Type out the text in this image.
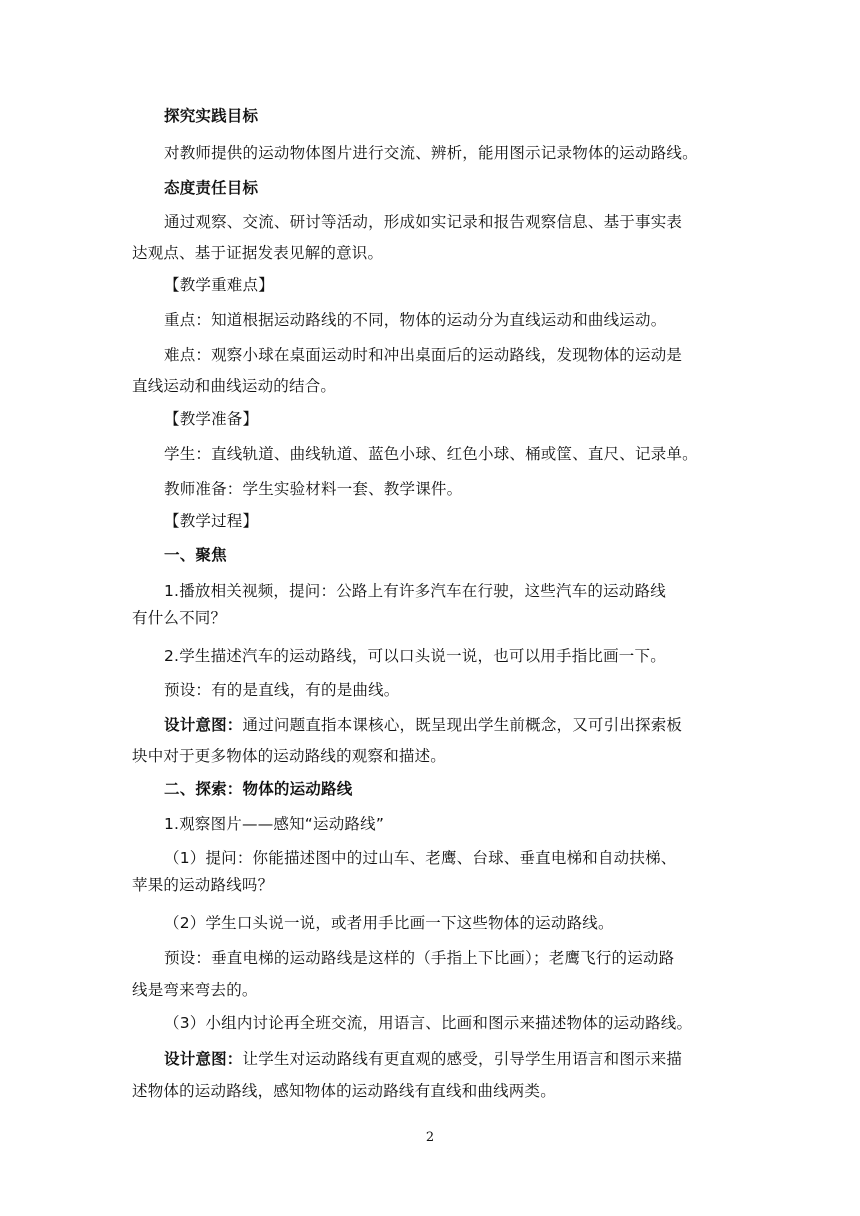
探究实践目标
对教师提供的运动物体图片进行交流、辨析，能用图示记录物体的运动路线。
态度责任目标
通过观察、交流、研讨等活动，形成如实记录和报告观察信息、基于事实表
达观点、基于证据发表见解的意识。
【教学重难点】
重点：知道根据运动路线的不同，物体的运动分为直线运动和曲线运动。
难点：观察小球在桌面运动时和冲出桌面后的运动路线，发现物体的运动是
直线运动和曲线运动的结合。
【教学准备】
学生：直线轨道、曲线轨道、蓝色小球、红色小球、桶或筐、直尺、记录单。
教师准备：学生实验材料一套、教学课件。
【教学过程】
一、聚焦
1.播放相关视频，提问：公路上有许多汽车在行驶，这些汽车的运动路线
有什么不同？
2.学生描述汽车的运动路线，可以口头说一说，也可以用手指比画一下。
预设：有的是直线，有的是曲线。
设计意图：通过问题直指本课核心，既呈现出学生前概念，又可引出探索板
块中对于更多物体的运动路线的观察和描述。
二、探索：物体的运动路线
1.观察图片——感知“运动路线”
（1）提问：你能描述图中的过山车、老鹰、台球、垂直电梯和自动扶梯、
苹果的运动路线吗？
（2）学生口头说一说，或者用手比画一下这些物体的运动路线。
预设：垂直电梯的运动路线是这样的（手指上下比画）；老鹰飞行的运动路
线是弯来弯去的。
（3）小组内讨论再全班交流，用语言、比画和图示来描述物体的运动路线。
设计意图：让学生对运动路线有更直观的感受，引导学生用语言和图示来描
述物体的运动路线，感知物体的运动路线有直线和曲线两类。
2
